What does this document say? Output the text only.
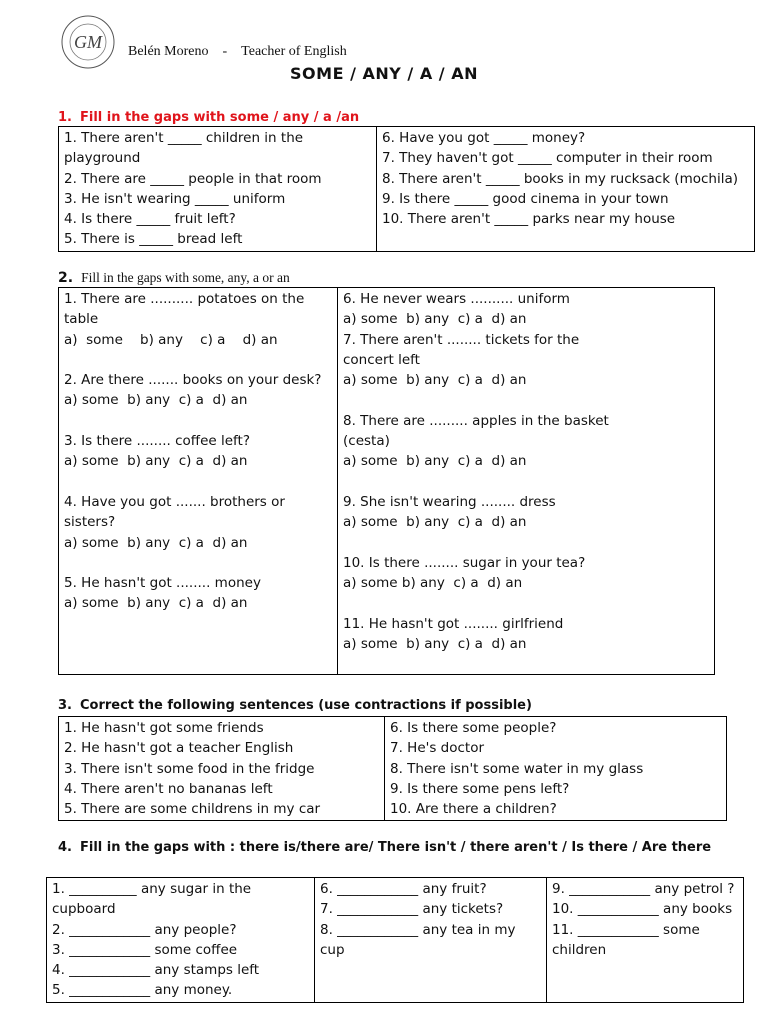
GM Belén Moreno - Teacher of English
SOME / ANY / A / AN
1. Fill in the gaps with some / any / a /an
1. There aren't _____ children in the playground
2. There are _____ people in that room
3. He isn't wearing _____ uniform
4. Is there _____ fruit left?
5. There is _____ bread left

6. Have you got _____ money?
7. They haven't got _____ computer in their room
8. There aren't _____ books in my rucksack (mochila)
9. Is there _____ good cinema in your town
10. There aren't _____ parks near my house
2. Fill in the gaps with some, any, a or an
1. There are .......... potatoes on the table
a)  some    b) any    c) a    d) an
2. Are there ....... books on your desk?
a) some  b) any  c) a  d) an
3. Is there ........ coffee left?
a) some  b) any  c) a  d) an
4. Have you got ....... brothers or sisters?
a) some  b) any  c) a  d) an
5. He hasn't got ........ money
a) some  b) any  c) a  d) an

6. He never wears .......... uniform
a) some  b) any  c) a  d) an
7. There aren't ........ tickets for the concert left
a) some  b) any  c) a  d) an
8. There are ......... apples in the basket (cesta)
a) some  b) any  c) a  d) an
9. She isn't wearing ........ dress
a) some  b) any  c) a  d) an
10. Is there ........ sugar in your tea?
a) some b) any  c) a  d) an
11. He hasn't got ........ girlfriend
a) some  b) any  c) a  d) an
3. Correct the following sentences (use contractions if possible)
1. He hasn't got some friends
2. He hasn't got a teacher English
3. There isn't some food in the fridge
4. There aren't no bananas left
5. There are some childrens in my car

6. Is there some people?
7. He's doctor
8. There isn't some water in my glass
9. Is there some pens left?
10. Are there a children?
4. Fill in the gaps with : there is/there are/ There isn't / there aren't / Is there / Are there
1. __________ any sugar in the cupboard
2. ____________ any people?
3. ____________ some coffee
4. ____________ any stamps left
5. ____________ any money.

6. ____________ any fruit?
7. ____________ any tickets?
8. ____________ any tea in my cup

9. ____________ any petrol ?
10. ____________ any books
11. ____________ some children
